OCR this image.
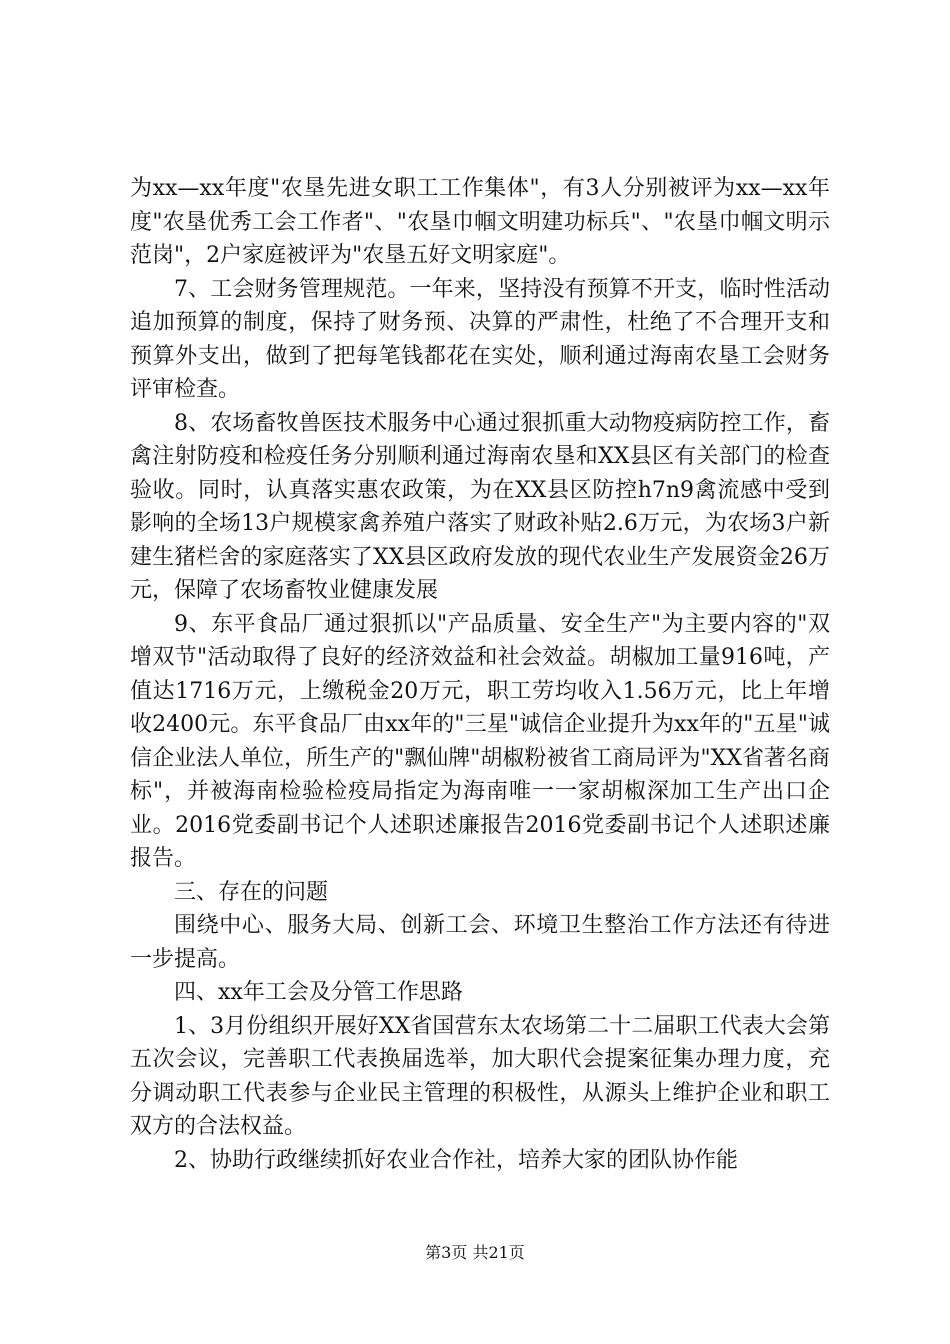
为xx—xx年度"农垦先进女职工工作集体"，有3人分别被评为xx—xx年度"农垦优秀工会工作者"、"农垦巾帼文明建功标兵"、"农垦巾帼文明示范岗"，2户家庭被评为"农垦五好文明家庭"。

7、工会财务管理规范。一年来，坚持没有预算不开支，临时性活动追加预算的制度，保持了财务预、决算的严肃性，杜绝了不合理开支和预算外支出，做到了把每笔钱都花在实处，顺利通过海南农垦工会财务评审检查。

8、农场畜牧兽医技术服务中心通过狠抓重大动物疫病防控工作，畜禽注射防疫和检疫任务分别顺利通过海南农垦和XX县区有关部门的检查验收。同时，认真落实惠农政策，为在XX县区防控h7n9禽流感中受到影响的全场13户规模家禽养殖户落实了财政补贴2.6万元，为农场3户新建生猪栏舍的家庭落实了XX县区政府发放的现代农业生产发展资金26万元，保障了农场畜牧业健康发展

9、东平食品厂通过狠抓以"产品质量、安全生产"为主要内容的"双增双节"活动取得了良好的经济效益和社会效益。胡椒加工量916吨，产值达1716万元，上缴税金20万元，职工劳均收入1.56万元，比上年增收2400元。东平食品厂由xx年的"三星"诚信企业提升为xx年的"五星"诚信企业法人单位，所生产的"飘仙牌"胡椒粉被省工商局评为"XX省著名商标"，并被海南检验检疫局指定为海南唯一一家胡椒深加工生产出口企业。2016党委副书记个人述职述廉报告2016党委副书记个人述职述廉报告。

三、存在的问题

围绕中心、服务大局、创新工会、环境卫生整治工作方法还有待进一步提高。

四、xx年工会及分管工作思路

1、3月份组织开展好XX省国营东太农场第二十二届职工代表大会第五次会议，完善职工代表换届选举，加大职代会提案征集办理力度，充分调动职工代表参与企业民主管理的积极性，从源头上维护企业和职工双方的合法权益。

2、协助行政继续抓好农业合作社，培养大家的团队协作能

第3页 共21页
